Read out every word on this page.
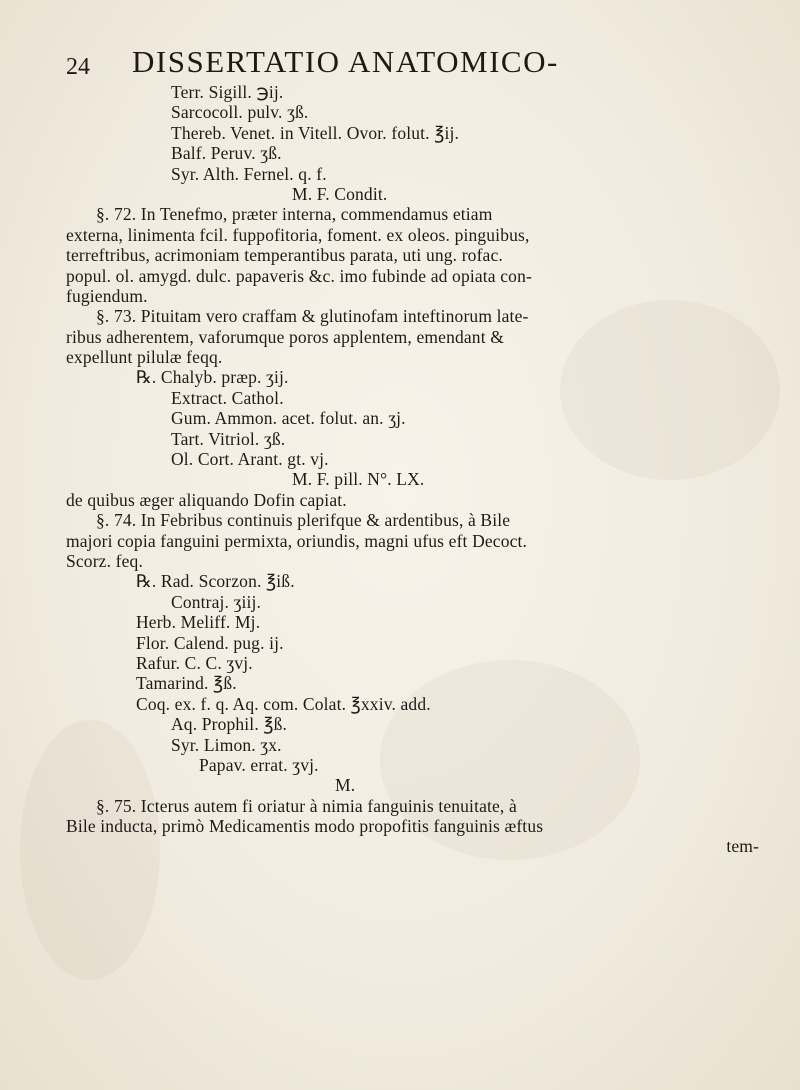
24 DISSERTATIO ANATOMICO-
Terr. Sigill. ℈ij.
Sarcocoll. pulv. ʒß.
Thereb. Venet. in Vitell. Ovor. folut. ℥ij.
Balf. Peruv. ʒß.
Syr. Alth. Fernel. q. f.
M. F. Condit.
§. 72. In Tenefmo, præter interna, commendamus etiam
externa, linimenta fcil. fuppofitoria, foment. ex oleos. pinguibus,
terreftribus, acrimoniam temperantibus parata, uti ung. rofac.
popul. ol. amygd. dulc. papaveris &c. imo fubinde ad opiata con-
fugiendum.
§. 73. Pituitam vero craffam & glutinofam inteftinorum late-
ribus adherentem, vaforumque poros applentem, emendant &
expellunt pilulæ feqq.
℞. Chalyb. præp. ʒij.
Extract. Cathol.
Gum. Ammon. acet. folut. an. ʒj.
Tart. Vitriol. ʒß.
Ol. Cort. Arant. gt. vj.
M. F. pill. N°. LX.
de quibus æger aliquando Dofin capiat.
§. 74. In Febribus continuis plerifque & ardentibus, à Bile
majori copia fanguini permixta, oriundis, magni ufus eft Decoct.
Scorz. feq.
℞. Rad. Scorzon. ℥iß.
Contraj. ʒiij.
Herb. Meliff. Mj.
Flor. Calend. pug. ij.
Rafur. C. C. ʒvj.
Tamarind. ℥ß.
Coq. ex. f. q. Aq. com. Colat. ℥xxiv. add.
Aq. Prophil. ℥ß.
Syr. Limon. ʒx.
Papav. errat. ʒvj.
M.
§. 75. Icterus autem fi oriatur à nimia fanguinis tenuitate, à
Bile inducta, primò Medicamentis modo propofitis fanguinis æftus
tem-
